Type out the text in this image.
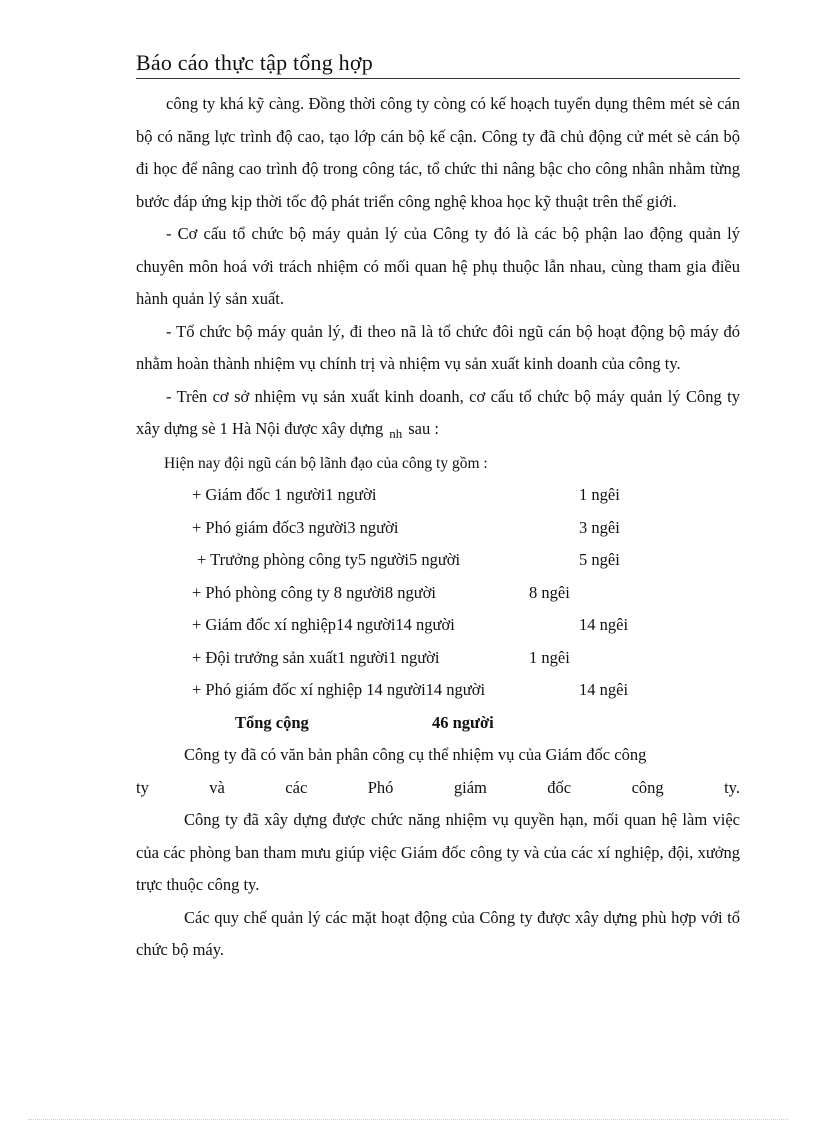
Báo cáo thực tập tổng hợp

công ty khá kỹ càng. Đồng thời công ty còng có kế hoạch tuyển dụng thêm mét sè cán bộ có năng lực trình độ cao, tạo lớp cán bộ kế cận. Công ty đã chủ động cử mét sè cán bộ đi học để nâng cao trình độ trong công tác, tổ chức thi nâng bậc cho công nhân nhằm từng bước đáp ứng kịp thời tốc độ phát triển công nghệ khoa học kỹ thuật trên thế giới.

- Cơ cấu tổ chức bộ máy quản lý của Công ty đó là các bộ phận lao động quản lý chuyên môn hoá với trách nhiệm có mối quan hệ phụ thuộc lẫn nhau, cùng tham gia điều hành quản lý sản xuất.

- Tổ chức bộ máy quản lý, đi theo nã là tổ chức đôi ngũ cán bộ hoạt động bộ máy đó nhằm hoàn thành nhiệm vụ chính trị và nhiệm vụ sản xuất kinh doanh của công ty.

- Trên cơ sở nhiệm vụ sản xuất kinh doanh, cơ cấu tổ chức bộ máy quản lý Công ty xây dựng sè 1 Hà Nội được xây dựng $_{nh}$ sau :

Hiện nay đội ngũ cán bộ lãnh đạo của công ty gồm :
+ Giám đốc 1 người1 người	1 ngêi
+ Phó giám đốc3 người3 người	3 ngêi
+ Trưởng phòng công ty5 người5 người	5 ngêi
+ Phó phòng công ty 8 người8 người	8 ngêi
+ Giám đốc xí nghiệp14 người14 người	14 ngêi
+ Đội trưởng sản xuất1 người1 người	1 ngêi
+ Phó giám đốc xí nghiệp 14 người14 người	14 ngêi
Tổng cộng	46 người

Công ty đã có văn bản phân công cụ thể nhiệm vụ của Giám đốc công

ty và các Phó giám đốc công ty.

Công ty đã xây dựng được chức năng nhiệm vụ quyền hạn, mối quan hệ làm việc của các phòng ban tham mưu giúp việc Giám đốc công ty và của các xí nghiệp, đội, xưởng trực thuộc công ty.

Các quy chế quản lý các mặt hoạt động của Công ty được xây dựng phù hợp với tổ chức bộ máy.
